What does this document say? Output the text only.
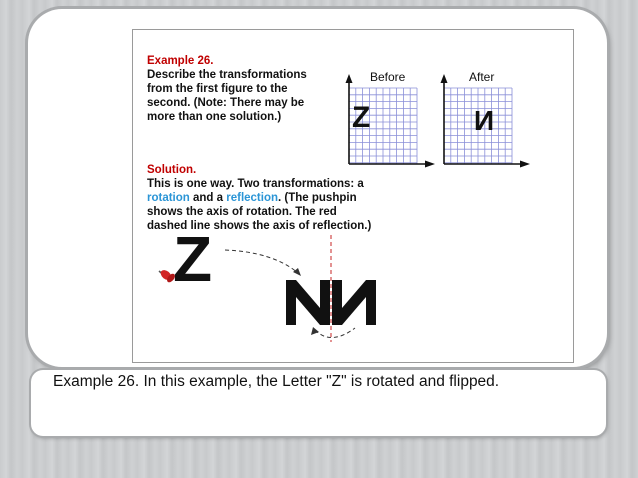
Example 26.
Describe the transformations
from the first figure to the
second. (Note: There may be
more than one solution.)
Before	After
Z	N
Solution.
This is one way. Two transformations: a
rotation and a reflection. (The pushpin
shows the axis of rotation. The red
dashed line shows the axis of reflection.)
Z
Example 26. In this example, the Letter "Z" is rotated and flipped.
